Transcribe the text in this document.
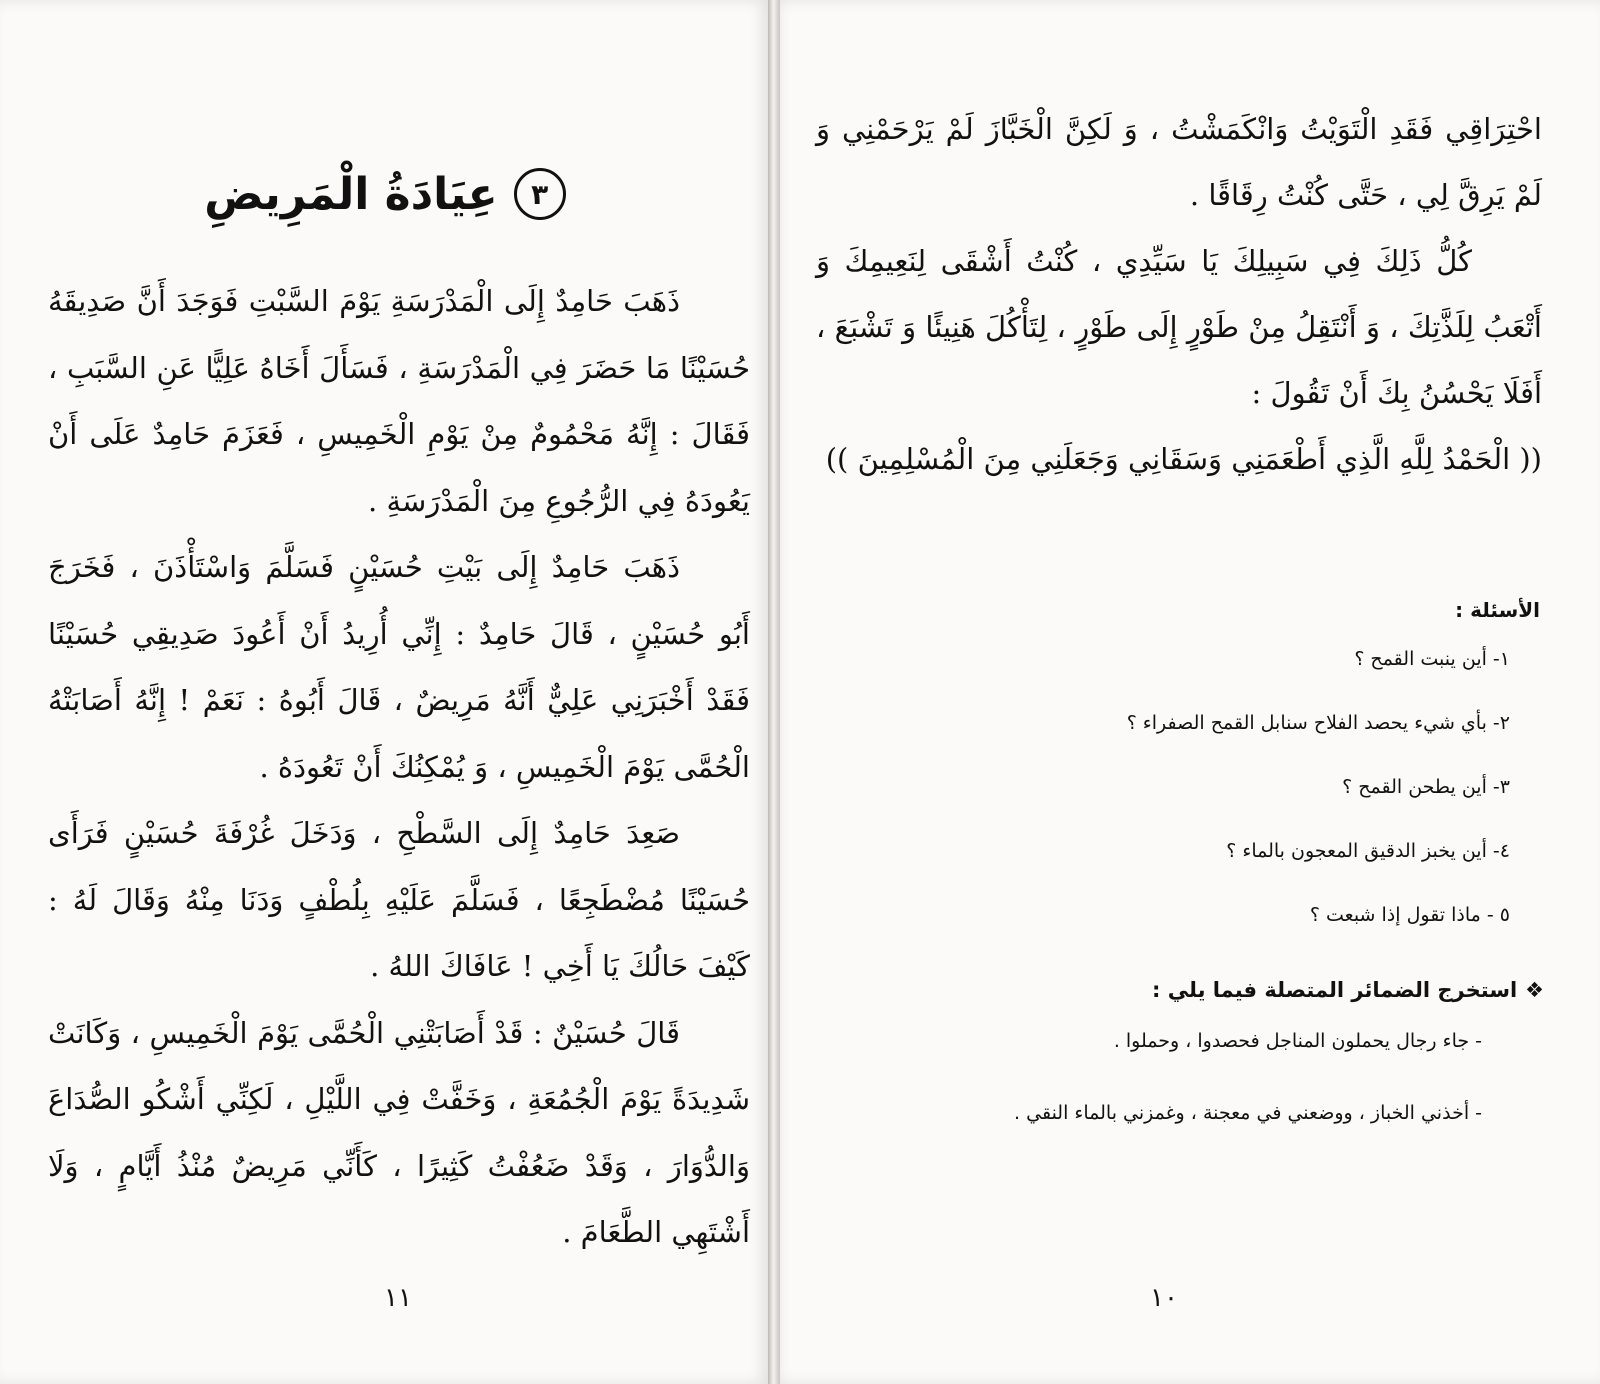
٣
عِيَادَةُ الْمَرِيضِ

ذَهَبَ حَامِدٌ إِلَى الْمَدْرَسَةِ يَوْمَ السَّبْتِ فَوَجَدَ أَنَّ صَدِيقَهُ حُسَيْنًا مَا حَضَرَ فِي الْمَدْرَسَةِ ، فَسَأَلَ أَخَاهُ عَلِيًّا عَنِ السَّبَبِ ، فَقَالَ : إِنَّهُ مَحْمُومٌ مِنْ يَوْمِ الْخَمِيسِ ، فَعَزَمَ حَامِدٌ عَلَى أَنْ يَعُودَهُ فِي الرُّجُوعِ مِنَ الْمَدْرَسَةِ .

ذَهَبَ حَامِدٌ إِلَى بَيْتِ حُسَيْنٍ فَسَلَّمَ وَاسْتَأْذَنَ ، فَخَرَجَ أَبُو حُسَيْنٍ ، قَالَ حَامِدٌ : إِنِّي أُرِيدُ أَنْ أَعُودَ صَدِيقِي حُسَيْنًا فَقَدْ أَخْبَرَنِي عَلِيٌّ أَنَّهُ مَرِيضٌ ، قَالَ أَبُوهُ : نَعَمْ ! إِنَّهُ أَصَابَتْهُ الْحُمَّى يَوْمَ الْخَمِيسِ ، وَ يُمْكِنُكَ أَنْ تَعُودَهُ .

صَعِدَ حَامِدٌ إِلَى السَّطْحِ ، وَدَخَلَ غُرْفَةَ حُسَيْنٍ فَرَأَى حُسَيْنًا مُضْطَجِعًا ، فَسَلَّمَ عَلَيْهِ بِلُطْفٍ وَدَنَا مِنْهُ وَقَالَ لَهُ : كَيْفَ حَالُكَ يَا أَخِي ! عَافَاكَ اللهُ .

قَالَ حُسَيْنٌ : قَدْ أَصَابَتْنِي الْحُمَّى يَوْمَ الْخَمِيسِ ، وَكَانَتْ شَدِيدَةً يَوْمَ الْجُمُعَةِ ، وَخَفَّتْ فِي اللَّيْلِ ، لَكِنِّي أَشْكُو الصُّدَاعَ وَالدُّوَارَ ، وَقَدْ ضَعُفْتُ كَثِيرًا ، كَأَنِّي مَرِيضٌ مُنْذُ أَيَّامٍ ، وَلَا أَشْتَهِي الطَّعَامَ .

١١	١٠

احْتِرَاقِي فَقَدِ الْتَوَيْتُ وَانْكَمَشْتُ ، وَ لَكِنَّ الْخَبَّازَ لَمْ يَرْحَمْنِي وَ لَمْ يَرِقَّ لِي ، حَتَّى كُنْتُ رِقَاقًا .

كُلُّ ذَلِكَ فِي سَبِيلِكَ يَا سَيِّدِي ، كُنْتُ أَشْقَى لِنَعِيمِكَ وَ أَتْعَبُ لِلَذَّتِكَ ، وَ أَنْتَقِلُ مِنْ طَوْرٍ إِلَى طَوْرٍ ، لِتَأْكُلَ هَنِيئًا وَ تَشْبَعَ ، أَفَلَا يَحْسُنُ بِكَ أَنْ تَقُولَ :

(( الْحَمْدُ لِلَّهِ الَّذِي أَطْعَمَنِي وَسَقَانِي وَجَعَلَنِي مِنَ الْمُسْلِمِينَ ))

الأسئلة :
١- أين ينبت القمح ؟
٢- بأي شيء يحصد الفلاح سنابل القمح الصفراء ؟
٣- أين يطحن القمح ؟
٤- أين يخبز الدقيق المعجون بالماء ؟
٥ - ماذا تقول إذا شبعت ؟
❖استخرج الضمائر المتصلة فيما يلي :
- جاء رجال يحملون المناجل فحصدوا ، وحملوا .
- أخذني الخباز ، ووضعني في معجنة ، وغمزني بالماء النقي .
